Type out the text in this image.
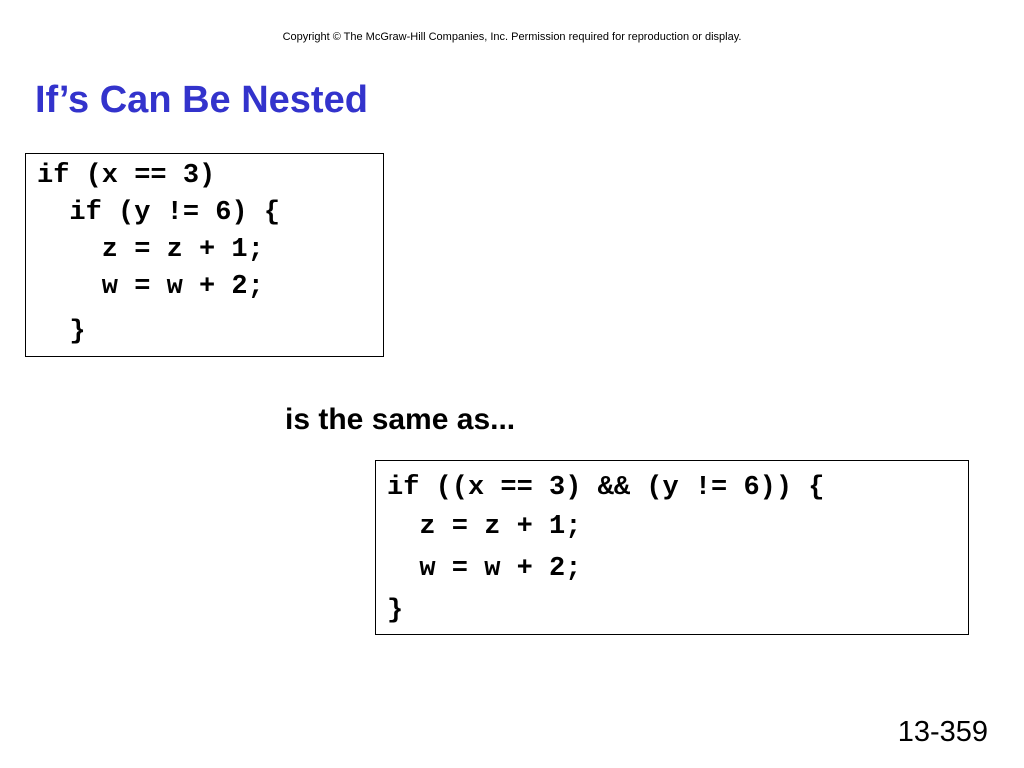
Copyright © The McGraw-Hill Companies, Inc. Permission required for reproduction or display.
If’s Can Be Nested
if (x == 3)
if (y != 6) {
z = z + 1;
w = w + 2;
}
is the same as...
if ((x == 3) && (y != 6)) {
z = z + 1;
w = w + 2;
}
13-359
